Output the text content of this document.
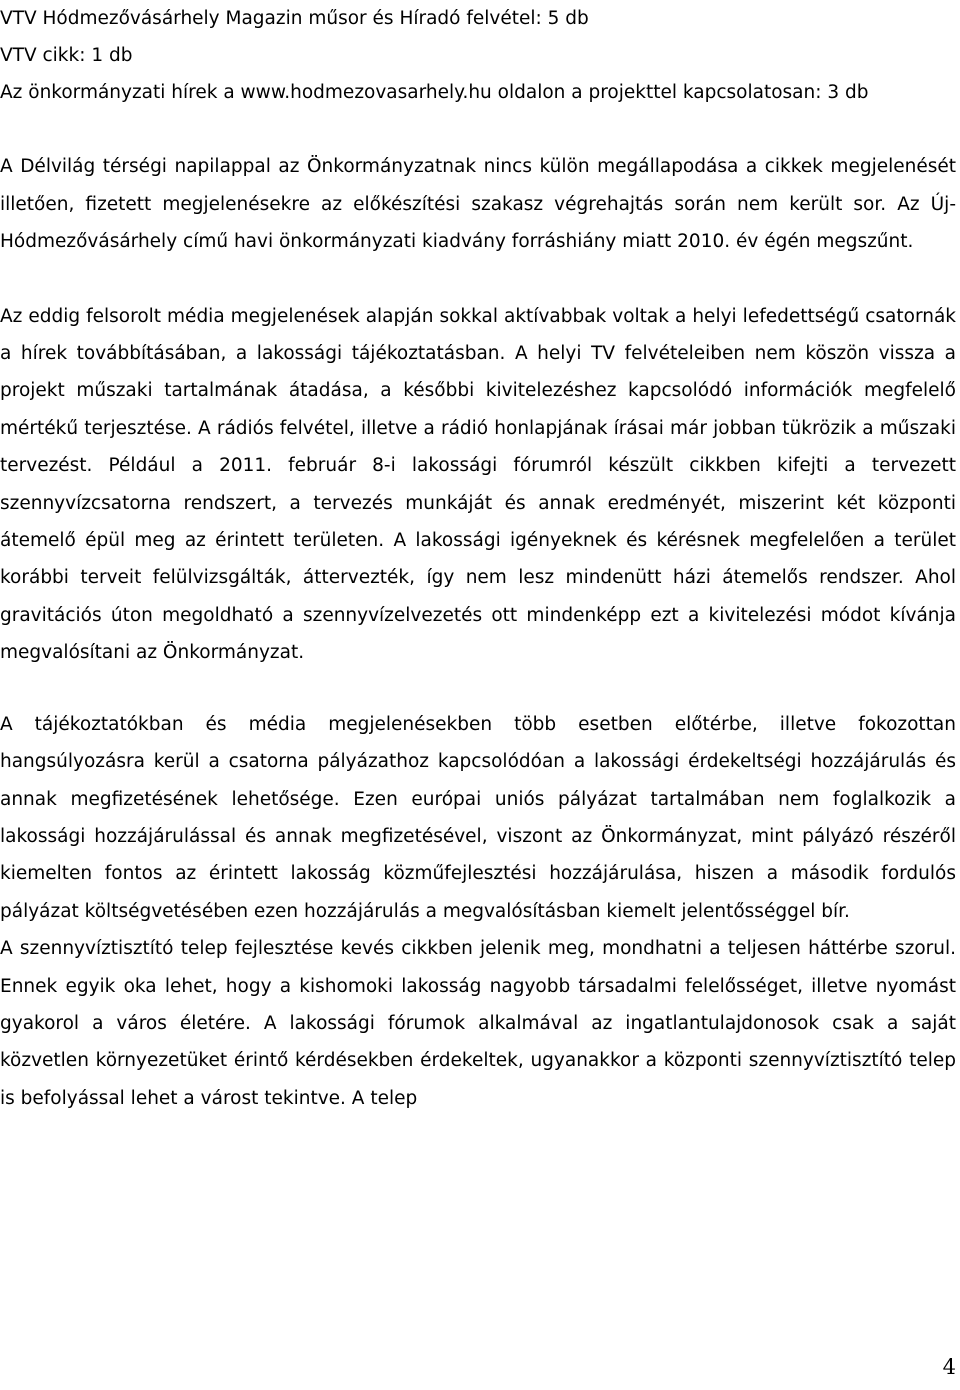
VTV Hódmezővásárhely Magazin műsor és Híradó felvétel: 5 db

VTV cikk: 1 db

Az önkormányzati hírek a www.hodmezovasarhely.hu oldalon a projekttel kapcsolatosan: 3 db

A Délvilág térségi napilappal az Önkormányzatnak nincs külön megállapodása a cikkek megjelenését illetően, fizetett megjelenésekre az előkészítési szakasz végrehajtás során nem került sor. Az Új-Hódmezővásárhely című havi önkormányzati kiadvány forráshiány miatt 2010. év égén megszűnt.

Az eddig felsorolt média megjelenések alapján sokkal aktívabbak voltak a helyi lefedettségű csatornák a hírek továbbításában, a lakossági tájékoztatásban. A helyi TV felvételeiben nem köszön vissza a projekt műszaki tartalmának átadása, a későbbi kivitelezéshez kapcsolódó információk megfelelő mértékű terjesztése. A rádiós felvétel, illetve a rádió honlapjának írásai már jobban tükrözik a műszaki tervezést. Például a 2011. február 8-i lakossági fórumról készült cikkben kifejti a tervezett szennyvízcsatorna rendszert, a tervezés munkáját és annak eredményét, miszerint két központi átemelő épül meg az érintett területen. A lakossági igényeknek és kérésnek megfelelően a terület korábbi terveit felülvizsgálták, áttervezték, így nem lesz mindenütt házi átemelős rendszer. Ahol gravitációs úton megoldható a szennyvízelvezetés ott mindenképp ezt a kivitelezési módot kívánja megvalósítani az Önkormányzat.

A tájékoztatókban és média megjelenésekben több esetben előtérbe, illetve fokozottan hangsúlyozásra kerül a csatorna pályázathoz kapcsolódóan a lakossági érdekeltségi hozzájárulás és annak megfizetésének lehetősége. Ezen európai uniós pályázat tartalmában nem foglalkozik a lakossági hozzájárulással és annak megfizetésével, viszont az Önkormányzat, mint pályázó részéről kiemelten fontos az érintett lakosság közműfejlesztési hozzájárulása, hiszen a második fordulós pályázat költségvetésében ezen hozzájárulás a megvalósításban kiemelt jelentősséggel bír.

A szennyvíztisztító telep fejlesztése kevés cikkben jelenik meg, mondhatni a teljesen háttérbe szorul. Ennek egyik oka lehet, hogy a kishomoki lakosság nagyobb társadalmi felelősséget, illetve nyomást gyakorol a város életére. A lakossági fórumok alkalmával az ingatlantulajdonosok csak a saját közvetlen környezetüket érintő kérdésekben érdekeltek, ugyanakkor a központi szennyvíztisztító telep is befolyással lehet a várost tekintve. A telep

4
